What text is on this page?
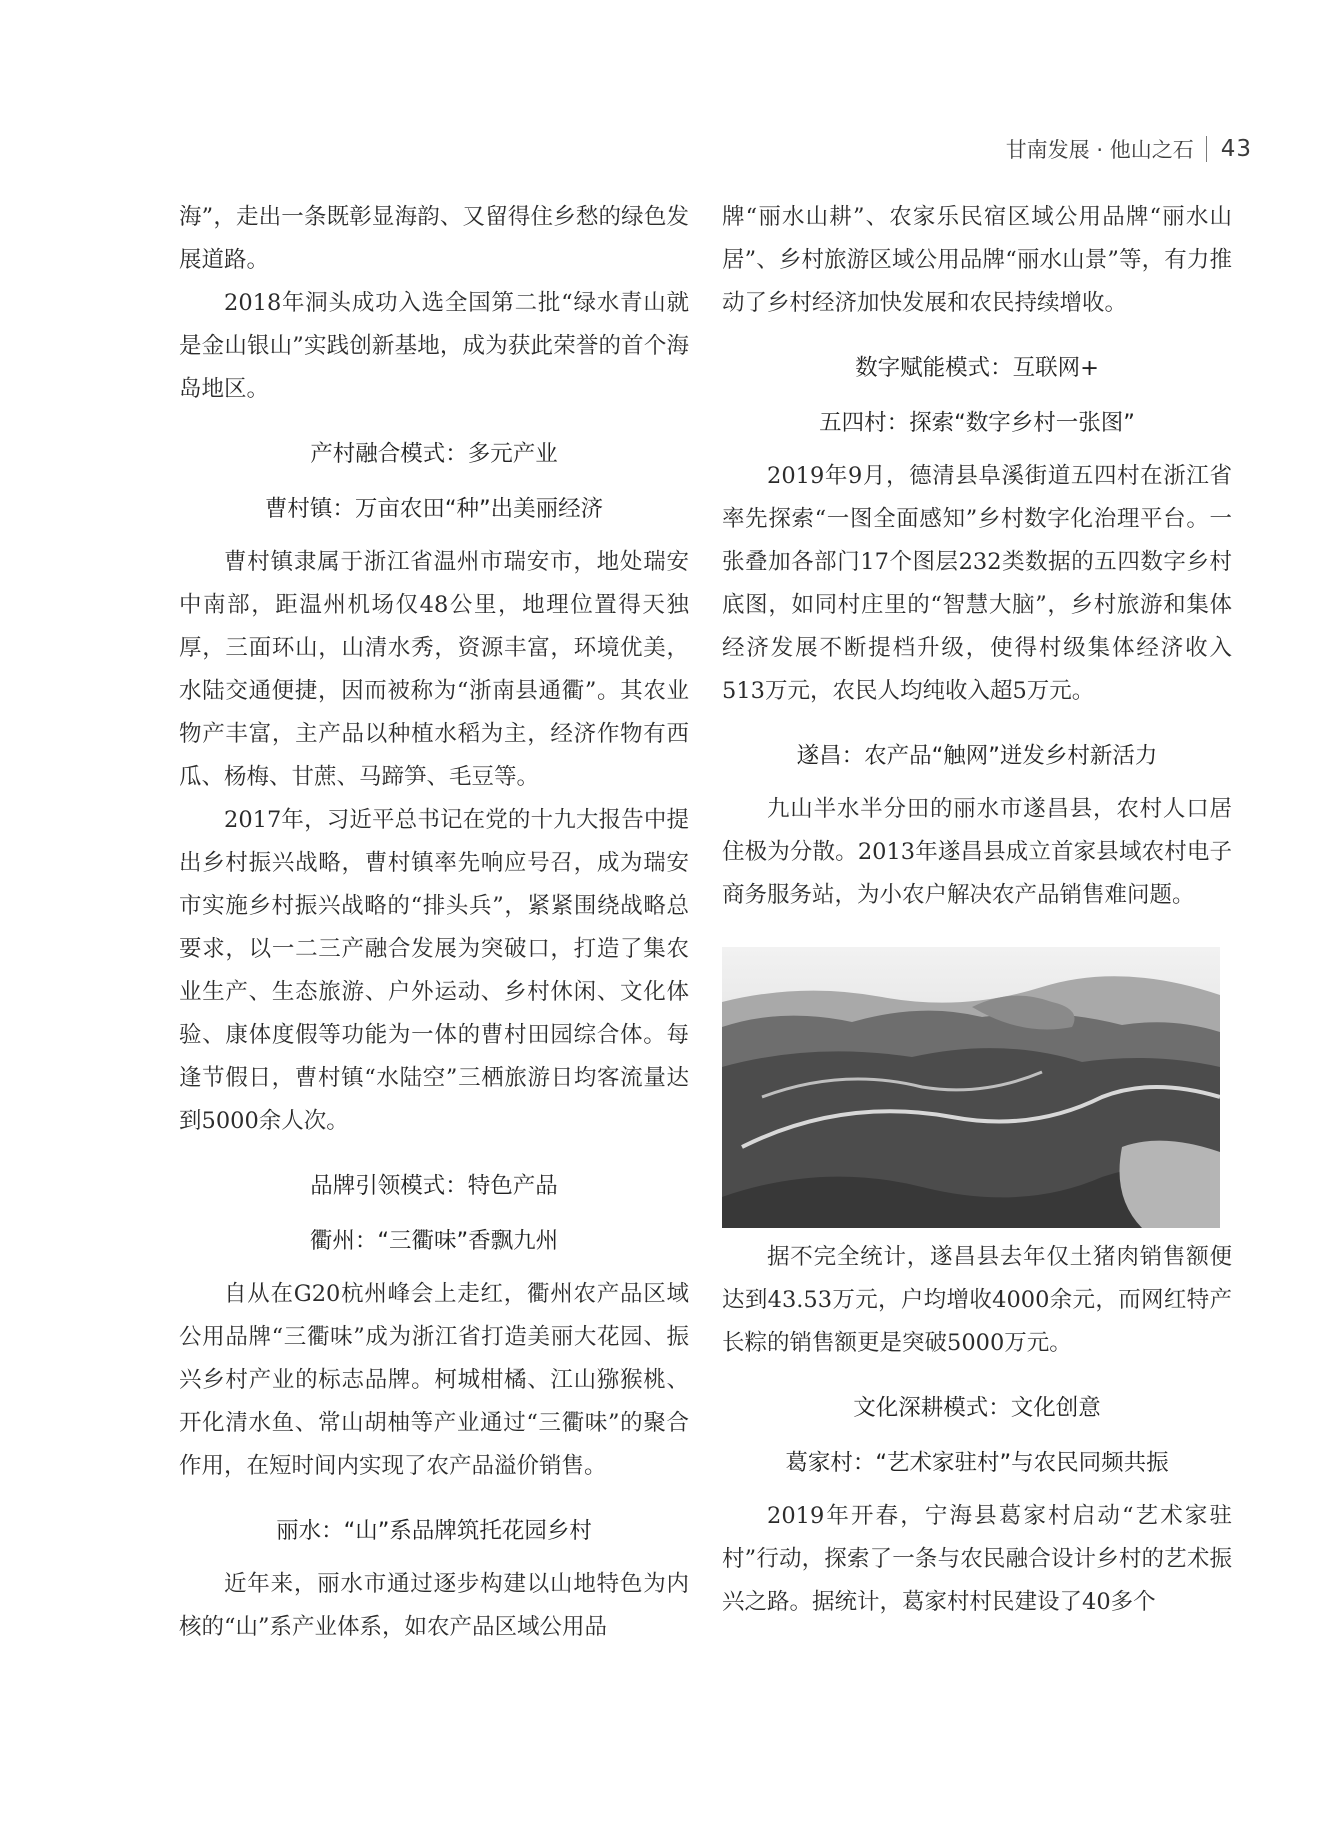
甘南发展 · 他山之石 43

海”，走出一条既彰显海韵、又留得住乡愁的绿色发展道路。

2018年洞头成功入选全国第二批“绿水青山就是金山银山”实践创新基地，成为获此荣誉的首个海岛地区。

产村融合模式：多元产业

曹村镇：万亩农田“种”出美丽经济

曹村镇隶属于浙江省温州市瑞安市，地处瑞安中南部，距温州机场仅48公里，地理位置得天独厚，三面环山，山清水秀，资源丰富，环境优美，水陆交通便捷，因而被称为“浙南县通衢”。其农业物产丰富，主产品以种植水稻为主，经济作物有西瓜、杨梅、甘蔗、马蹄笋、毛豆等。

2017年，习近平总书记在党的十九大报告中提出乡村振兴战略，曹村镇率先响应号召，成为瑞安市实施乡村振兴战略的“排头兵”，紧紧围绕战略总要求，以一二三产融合发展为突破口，打造了集农业生产、生态旅游、户外运动、乡村休闲、文化体验、康体度假等功能为一体的曹村田园综合体。每逢节假日，曹村镇“水陆空”三栖旅游日均客流量达到5000余人次。

品牌引领模式：特色产品

衢州：“三衢味”香飘九州

自从在G20杭州峰会上走红，衢州农产品区域公用品牌“三衢味”成为浙江省打造美丽大花园、振兴乡村产业的标志品牌。柯城柑橘、江山猕猴桃、开化清水鱼、常山胡柚等产业通过“三衢味”的聚合作用，在短时间内实现了农产品溢价销售。

丽水：“山”系品牌筑托花园乡村

近年来，丽水市通过逐步构建以山地特色为内核的“山”系产业体系，如农产品区域公用品

牌“丽水山耕”、农家乐民宿区域公用品牌“丽水山居”、乡村旅游区域公用品牌“丽水山景”等，有力推动了乡村经济加快发展和农民持续增收。

数字赋能模式：互联网+

五四村：探索“数字乡村一张图”

2019年9月，德清县阜溪街道五四村在浙江省率先探索“一图全面感知”乡村数字化治理平台。一张叠加各部门17个图层232类数据的五四数字乡村底图，如同村庄里的“智慧大脑”，乡村旅游和集体经济发展不断提档升级，使得村级集体经济收入513万元，农民人均纯收入超5万元。

遂昌：农产品“触网”迸发乡村新活力

九山半水半分田的丽水市遂昌县，农村人口居住极为分散。2013年遂昌县成立首家县域农村电子商务服务站，为小农户解决农产品销售难问题。

据不完全统计，遂昌县去年仅土猪肉销售额便达到43.53万元，户均增收4000余元，而网红特产长粽的销售额更是突破5000万元。

文化深耕模式：文化创意

葛家村：“艺术家驻村”与农民同频共振

2019年开春，宁海县葛家村启动“艺术家驻村”行动，探索了一条与农民融合设计乡村的艺术振兴之路。据统计，葛家村村民建设了40多个
